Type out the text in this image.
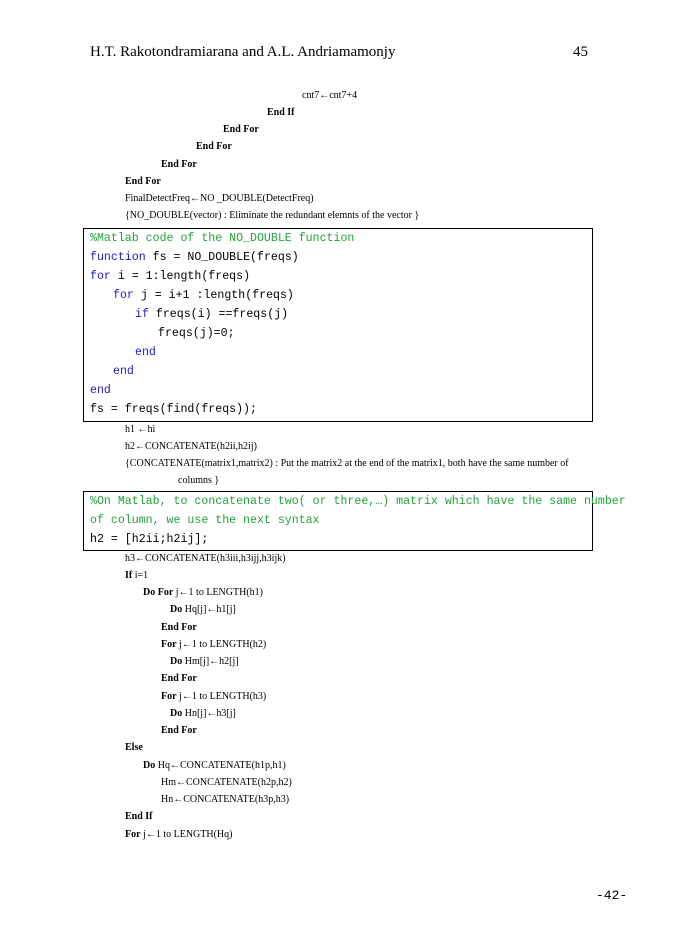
H.T. Rakotondramiarana and A.L. Andriamamonjy	45
cnt7←cnt7+4
End If
End For
End For
End For
End For
FinalDetectFreq←NO _DOUBLE(DetectFreq)
{NO_DOUBLE(vector) : Eliminate the redundant elemnts of the vector }
%Matlab code of the NO_DOUBLE function
function fs = NO_DOUBLE(freqs)
for i = 1:length(freqs)
for j = i+1 :length(freqs)
if freqs(i) ==freqs(j)
freqs(j)=0;
end
end
end
fs = freqs(find(freqs));
h1 ←hi
h2←CONCATENATE(h2ii,h2ij)
{CONCATENATE(matrix1,matrix2) : Put the matrix2 at the end of the matrix1, both have the same number of
columns }
%On Matlab, to concatenate two( or three,…) matrix which have the same number
of column, we use the next syntax
h2 = [h2ii;h2ij];
h3←CONCATENATE(h3iii,h3ijj,h3ijk)
If i=1
Do For j←1 to LENGTH(h1)
Do Hq[j]←h1[j]
End For
For j←1 to LENGTH(h2)
Do Hm[j]←h2[j]
End For
For j←1 to LENGTH(h3)
Do Hn[j]←h3[j]
End For
Else
Do Hq←CONCATENATE(h1p,h1)
Hm←CONCATENATE(h2p,h2)
Hn←CONCATENATE(h3p,h3)
End If
For j←1 to LENGTH(Hq)
-42-
